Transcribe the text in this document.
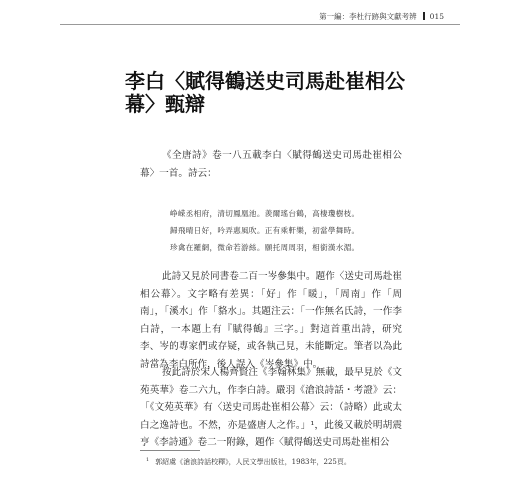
第一編：李杜行跡與文獻考辨 015
李白〈賦得鶴送史司馬赴崔相公幕〉甄辯
《全唐詩》卷一八五載李白〈賦得鶴送史司馬赴崔相公幕〉一首。詩云：
峥嵘丞相府，清切鳳凰池。羨爾瑤台鶴，高棲瓊樹枝。
歸飛晴日好，吟弄惠風吹。正有乘軒樂，初當學舞時。
珍禽在羅網，微命若游絲。願托周周羽，相銜漢水湄。
此詩又見於同書卷二百一岑參集中。題作〈送史司馬赴崔相公幕〉。文字略有差異：「好」作「暖」，「周南」作「周南」，「溪水」作「貉水」。其題注云：「一作無名氏詩，一作李白詩，一本題上有『賦得鶴』三字。」對這首重出詩，研究李、岑的專家們或存疑，或各執己見，未能斷定。筆者以為此詩當為李白所作，後人誤入《岑參集》中。
按此詩於宋人楊齊賢注《李翰林集》無載，最早見於《文苑英華》卷二六九，作李白詩。嚴羽《滄浪詩話・考證》云：「《文苑英華》有〈送史司馬赴崔相公幕〉云：（詩略）此或太白之逸詩也。不然，亦是盛唐人之作。」¹，此後又載於明胡震亨《李詩通》卷二一附錄，題作〈賦得鶴送史司馬赴崔相公
$^1$ 郭紹虞《滄浪詩話校釋》，人民文學出版社，1983年，225頁。
